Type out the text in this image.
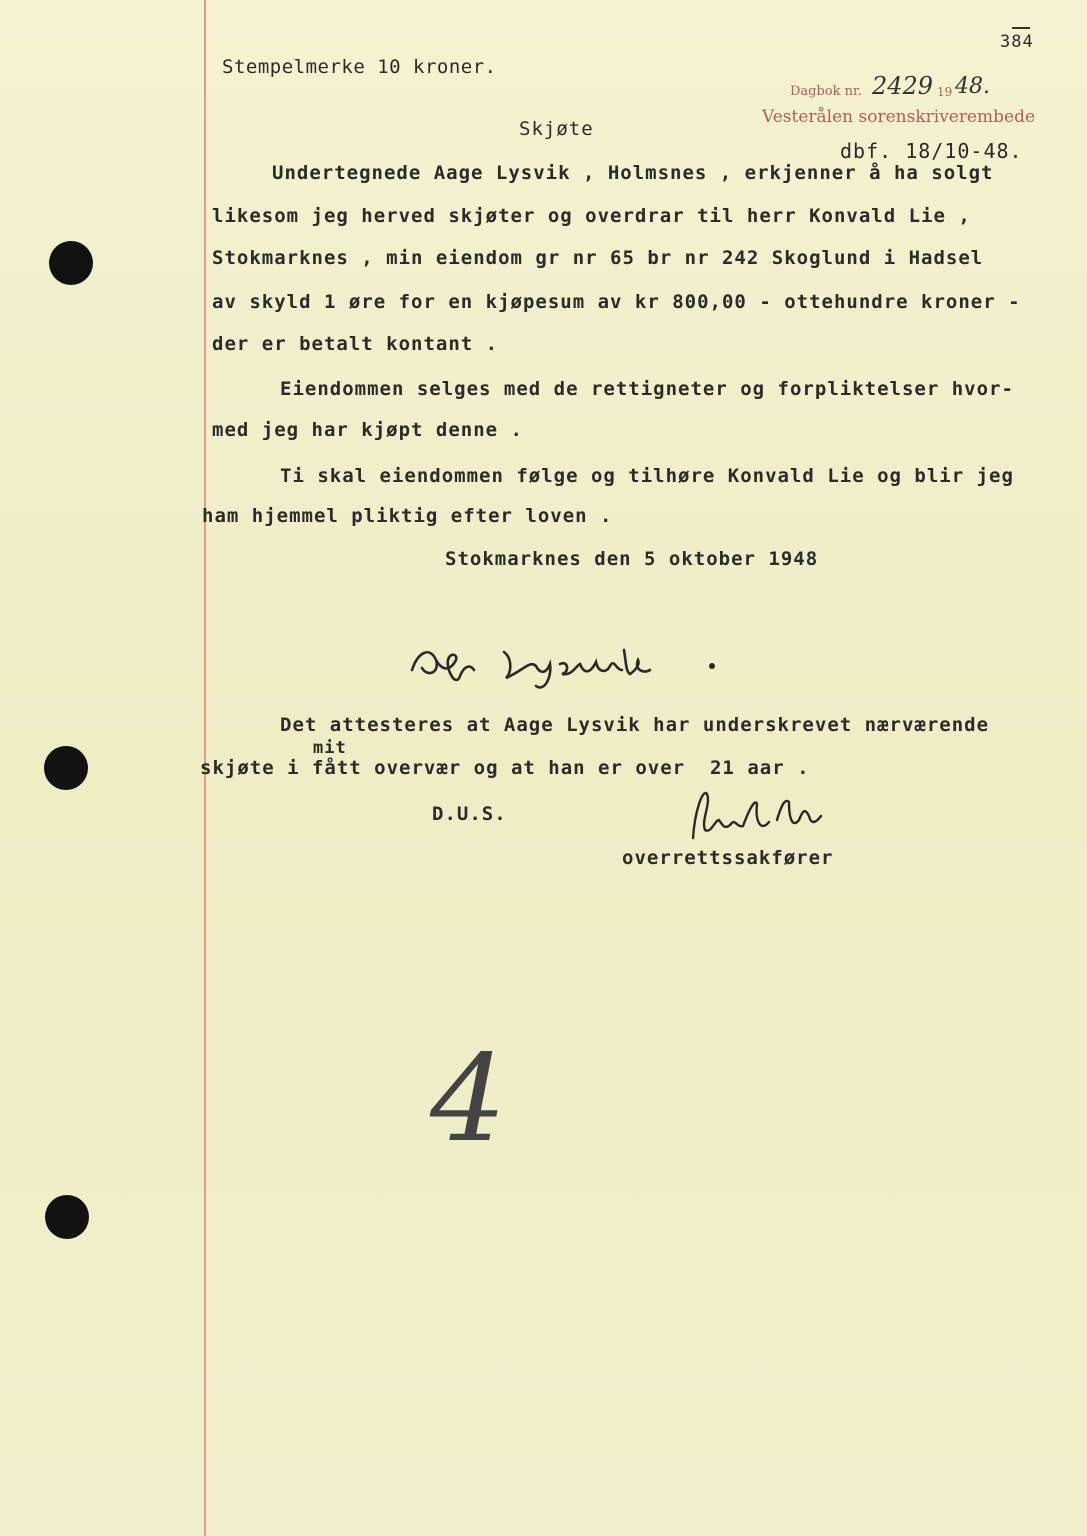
384
Stempelmerke 10 kroner.
Dagbok nr. 2429 19 48.
Vesterålen sorenskriverembede
dbf. 18/10-48.
Skjøte
Undertegnede Aage Lysvik , Holmsnes , erkjenner å ha solgt
likesom jeg herved skjøter og overdrar til herr Konvald Lie ,
Stokmarknes , min eiendom gr nr 65 br nr 242 Skoglund i Hadsel
av skyld 1 øre for en kjøpesum av kr 800,00 - ottehundre kroner -
der er betalt kontant .
Eiendommen selges med de rettigneter og forpliktelser hvor-
med jeg har kjøpt denne .
Ti skal eiendommen følge og tilhøre Konvald Lie og blir jeg
ham hjemmel pliktig efter loven .
Stokmarknes den 5 oktober 1948
Det attesteres at Aage Lysvik har underskrevet nærværende
mit
skjøte i fått overvær og at han er over  21 aar .
D.U.S.
overrettssakfører
4
